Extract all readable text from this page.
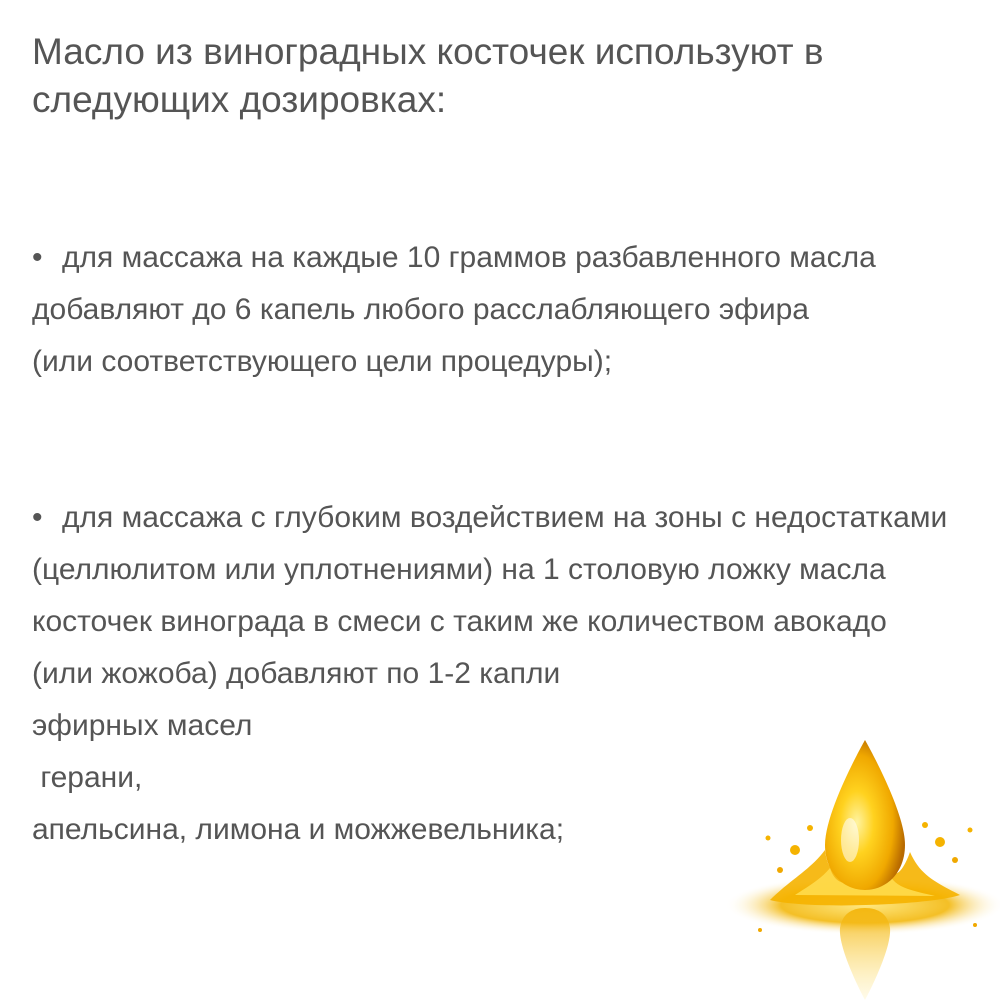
Масло из виноградных косточек используют в
следующих дозировках:
• для массажа на каждые 10 граммов разбавленного масла
добавляют до 6 капель любого расслабляющего эфира
(или соответствующего цели процедуры);
• для массажа с глубоким воздействием на зоны с недостатками
(целлюлитом или уплотнениями) на 1 столовую ложку масла
косточек винограда в смеси с таким же количеством авокадо
(или жожоба) добавляют по 1-2 капли
эфирных масел
герани,
апельсина, лимона и можжевельника;
